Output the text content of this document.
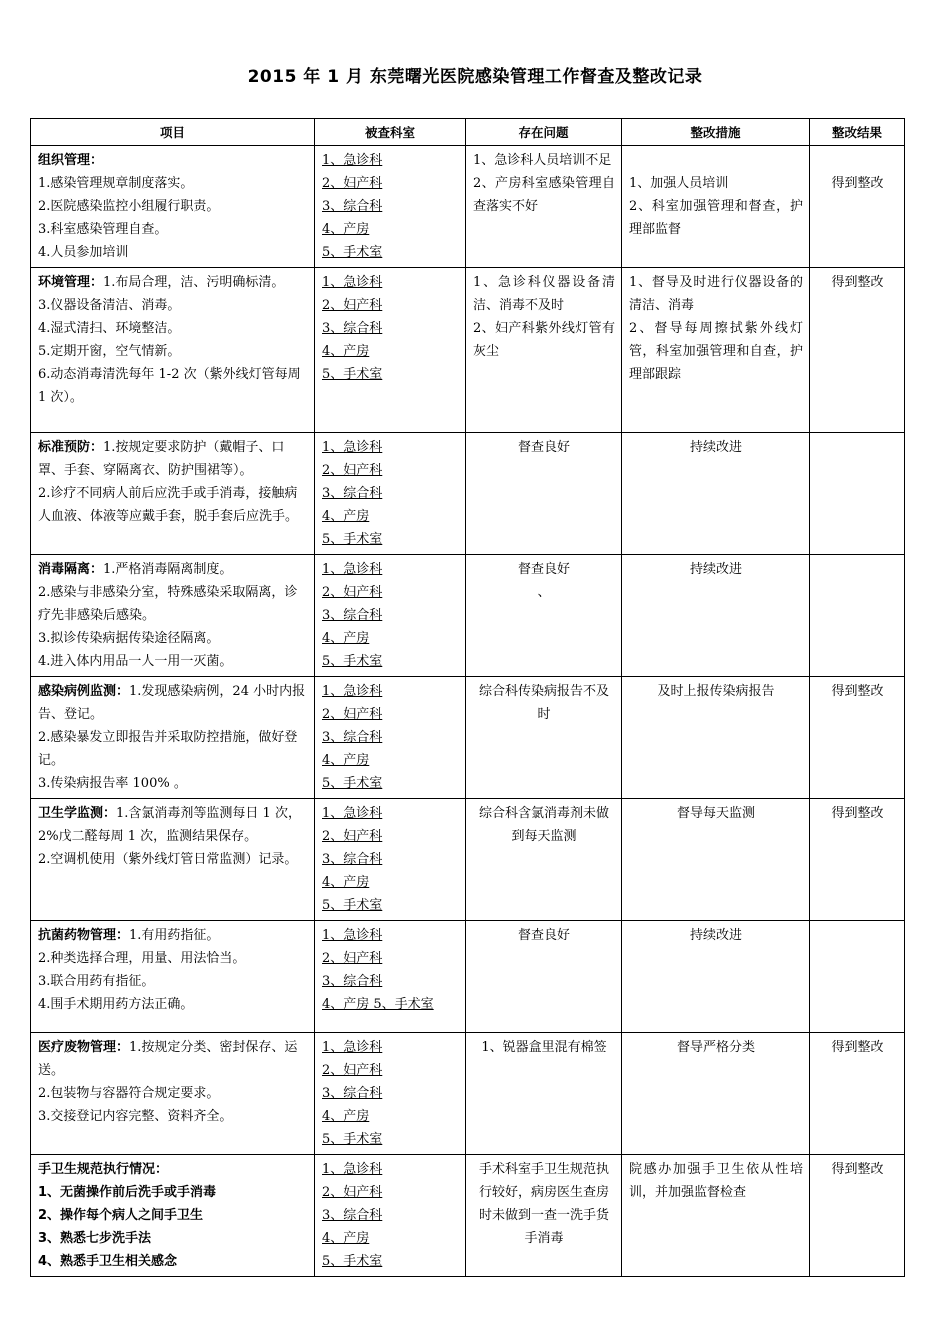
2015 年 1 月 东莞曙光医院感染管理工作督查及整改记录
项目	被查科室	存在问题	整改措施	整改结果

组织管理：
1.感染管理规章制度落实。
2.医院感染监控小组履行职责。
3.科室感染管理自查。
4.人员参加培训	1、急诊科
2、妇产科
3、综合科
4、产房
5、手术室	1、急诊科人员培训不足
2、产房科室感染管理自查落实不好	1、加强人员培训
2、科室加强管理和督查，护理部监督	得到整改
环境管理：1.布局合理，洁、污明确标清。
3.仪器设备清洁、消毒。
4.湿式清扫、环境整洁。
5.定期开窗，空气情新。
6.动态消毒清洗每年 1-2 次（紫外线灯管每周 1 次）。	1、急诊科
2、妇产科
3、综合科
4、产房
5、手术室	1、急诊科仪器设备清洁、消毒不及时
2、妇产科紫外线灯管有灰尘	1、督导及时进行仪器设备的清洁、消毒
2、督导每周擦拭紫外线灯管，科室加强管理和自查，护理部跟踪	得到整改
标准预防：1.按规定要求防护（戴帽子、口罩、手套、穿隔离衣、防护围裙等）。
2.诊疗不同病人前后应洗手或手消毒，接触病人血液、体液等应戴手套，脱手套后应洗手。	1、急诊科
2、妇产科
3、综合科
4、产房
5、手术室	督查良好	持续改进	

消毒隔离：1.严格消毒隔离制度。
2.感染与非感染分室，特殊感染采取隔离，诊疗先非感染后感染。
3.拟诊传染病据传染途径隔离。
4.进入体内用品一人一用一灭菌。	1、急诊科
2、妇产科
3、综合科
4、产房
5、手术室	督查良好
、	持续改进	

感染病例监测：1.发现感染病例，24 小时内报告、登记。
2.感染暴发立即报告并采取防控措施，做好登记。
3.传染病报告率 100% 。	1、急诊科
2、妇产科
3、综合科
4、产房
5、手术室	综合科传染病报告不及时	及时上报传染病报告	得到整改
卫生学监测：1.含氯消毒剂等监测每日 1 次，2%戊二醛每周 1 次，监测结果保存。
2.空调机使用（紫外线灯管日常监测）记录。	1、急诊科
2、妇产科
3、综合科
4、产房
5、手术室	综合科含氯消毒剂未做到每天监测	督导每天监测	得到整改
抗菌药物管理：1.有用药指征。
2.种类选择合理，用量、用法恰当。
3.联合用药有指征。
4.围手术期用药方法正确。	1、急诊科
2、妇产科
3、综合科
4、产房 5、手术室	督查良好	持续改进	

医疗废物管理：1.按规定分类、密封保存、运送。
2.包装物与容器符合规定要求。
3.交接登记内容完整、资料齐全。	1、急诊科
2、妇产科
3、综合科
4、产房
5、手术室	1、锐器盒里混有棉签	督导严格分类	得到整改

手卫生规范执行情况：
1、无菌操作前后洗手或手消毒
2、操作每个病人之间手卫生
3、熟悉七步洗手法
4、熟悉手卫生相关感念	1、急诊科
2、妇产科
3、综合科
4、产房
5、手术室	手术科室手卫生规范执行较好，病房医生查房时未做到一查一洗手货手消毒	院感办加强手卫生依从性培训，并加强监督检查	得到整改
